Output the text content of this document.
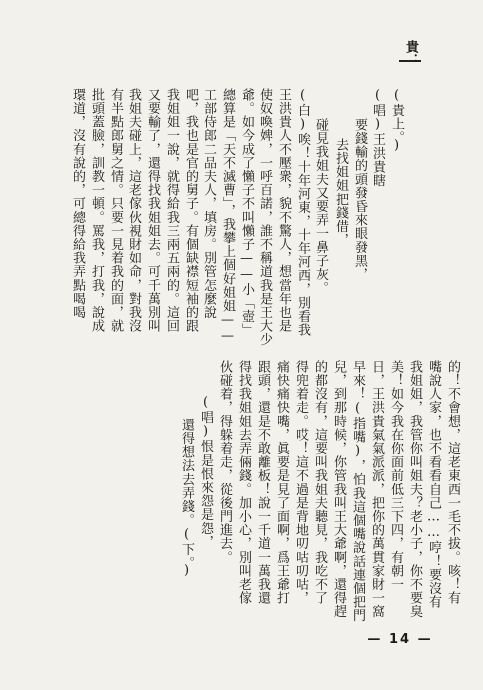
貴：
(貴上。)
(唱)王洪貴瞎
要錢輸的頭發昏來眼發黑，
去找姐姐把錢借，
碰見我姐夫又要弄一鼻子灰。
(白)唉！十年河東，十年河西，別看我
王洪貴人不壓衆，貌不驚人，想當年也是
使奴喚婢，一呼百諾，誰不稱道我是王大少
爺。如今成了懶子不叫懶子——小「壺」
總算是「天不滅曹」，我攀上個好姐姐——
工部侍郎二品夫人，填房。別管怎麼說
吧，我也是官的舅子。有個缺襟短袖的跟
我姐姐一說，就得給我三兩五兩的。這回
又要輸了，還得找我姐姐去。可千萬別叫
我姐夫碰上，這老傢伙視財如命，對我沒
有半點郎舅之情。只要一見着我的面，就
批頭蓋臉，訓教一頓。罵我，打我，說成
環道，沒有說的，可總得給我弄點喝喝
的！不會想，這老東西一毛不拔。咳！有
嘴說人家，也不看看自己……哼！要沒有
我姐姐，我管你叫姐夫？老小子，你不要臭
美！如今我在你面前低三下四，有朝一
日，王洪貴氣氣派派，把你的萬貫家財一窩
早來！(指嘴)，怕我這個嘴說話連個把門
兒，到那時候，你管我叫王大爺啊，還得趕
的都沒有，這要叫我姐夫聽見，我吃不了
得兜着走。哎！這不過是背地叨咕叨咕，
痛快痛快嘴，眞要是見了面啊，爲王爺打
跟頭，還是不敢離板！說一千道一萬我還
得找我姐姐去弄倆錢。加小心，別叫老傢
伙碰着，得躲着走，從後門進去。
(唱)恨是恨來怨是怨，
還得想法去弄錢。(下。)
— 14 —
